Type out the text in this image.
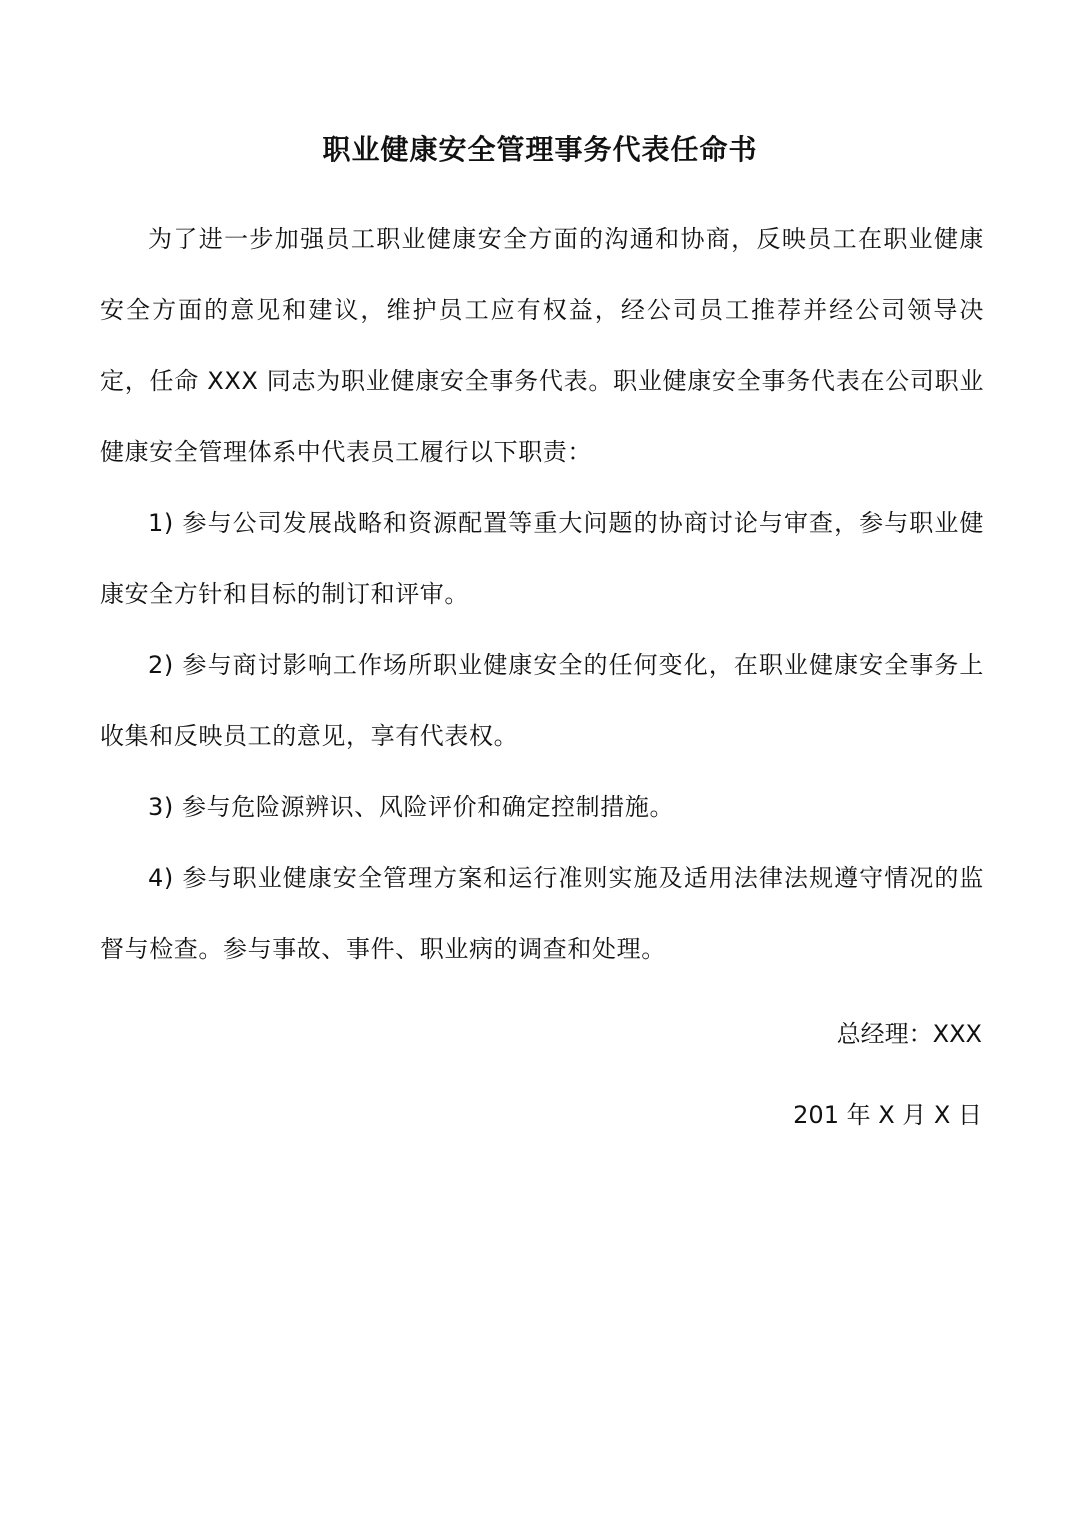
职业健康安全管理事务代表任命书

为了进一步加强员工职业健康安全方面的沟通和协商，反映员工在职业健康安全方面的意见和建议，维护员工应有权益，经公司员工推荐并经公司领导决定，任命 XXX 同志为职业健康安全事务代表。职业健康安全事务代表在公司职业健康安全管理体系中代表员工履行以下职责：

1) 参与公司发展战略和资源配置等重大问题的协商讨论与审查，参与职业健康安全方针和目标的制订和评审。

2) 参与商讨影响工作场所职业健康安全的任何变化，在职业健康安全事务上收集和反映员工的意见，享有代表权。

3) 参与危险源辨识、风险评价和确定控制措施。

4) 参与职业健康安全管理方案和运行准则实施及适用法律法规遵守情况的监督与检查。参与事故、事件、职业病的调查和处理。

总经理：XXX

201 年 X 月 X 日
